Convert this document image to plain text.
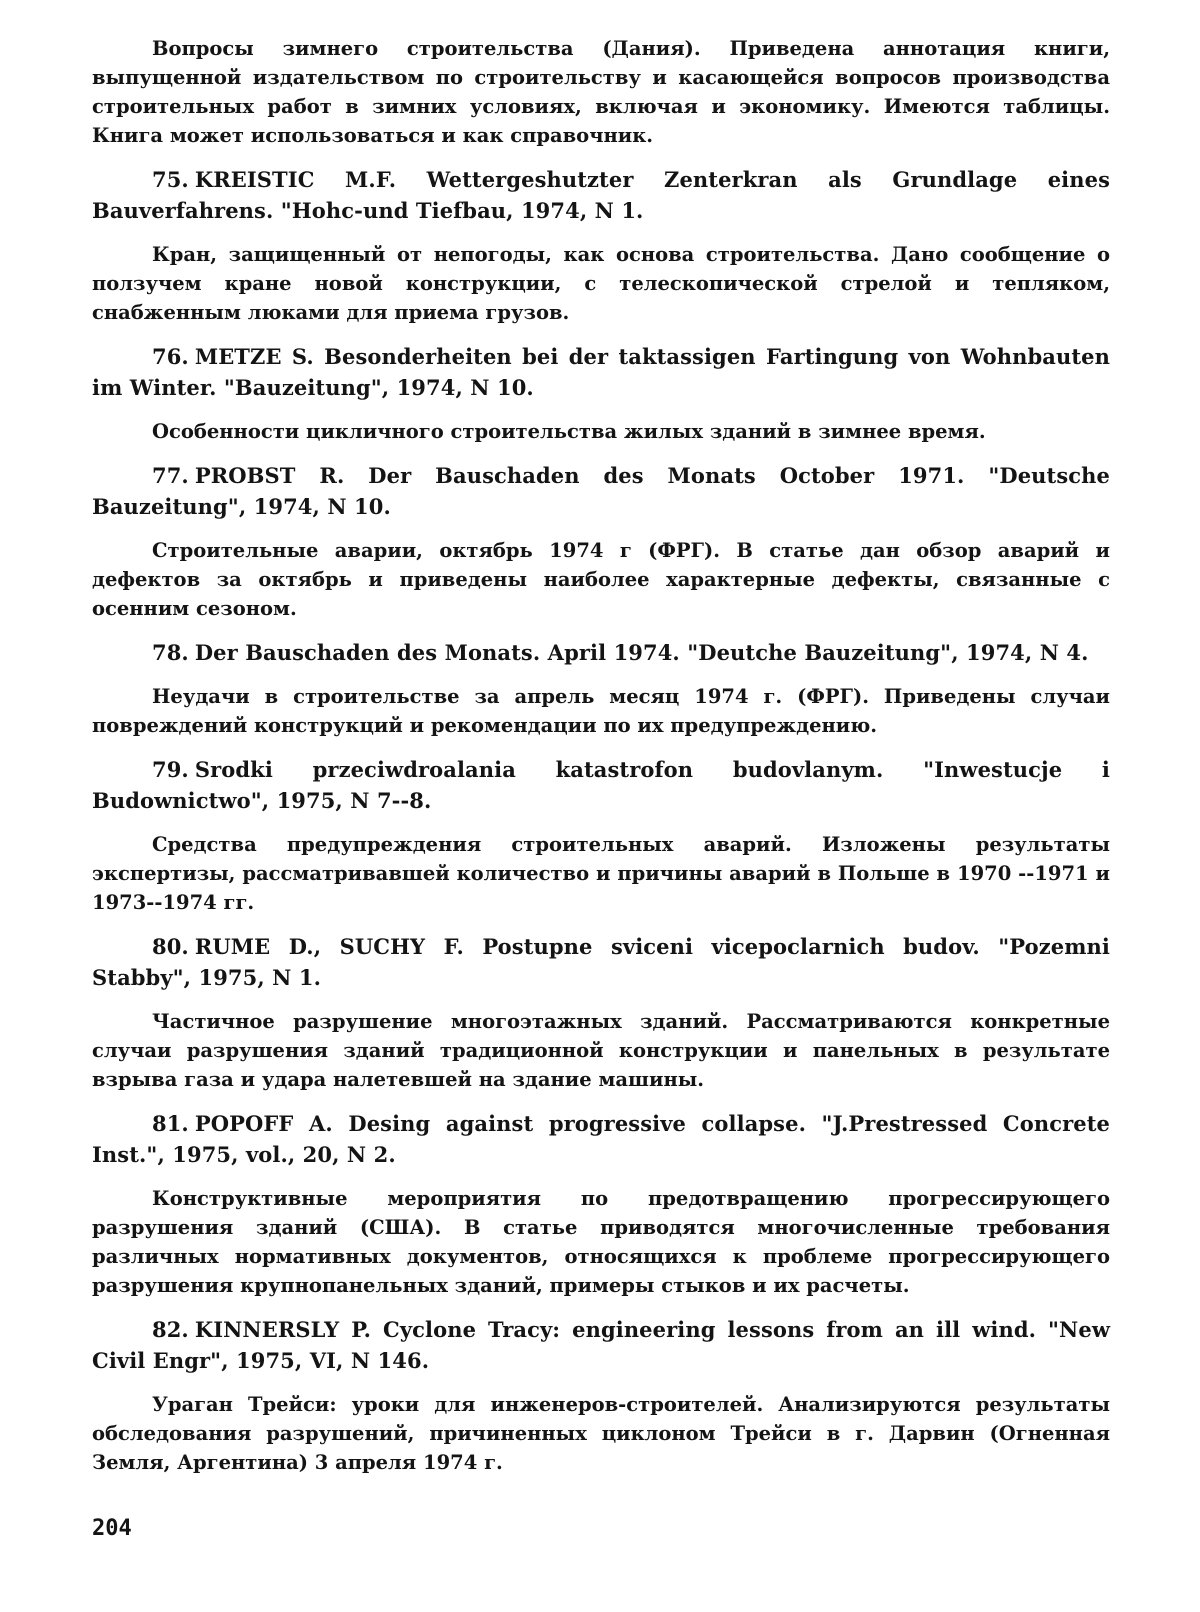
Вопросы зимнего строительства (Дания). Приведена аннотация книги, выпущенной издательством по строительству и касающейся вопросов производства строительных работ в зимних условиях, включая и экономику. Имеются таблицы. Книга может использоваться и как справочник.

75. KREISTIC M.F. Wettergeshutzter Zenterkran als Grundlage eines Bauverfahrens. "Hohc-und Tiefbau, 1974, N 1.

Кран, защищенный от непогоды, как основа строительства. Дано сообщение о ползучем кране новой конструкции, с телескопической стрелой и тепляком, снабженным люками для приема грузов.

76. METZE S. Besonderheiten bei der taktassigen Fartingung von Wohnbauten im Winter. "Bauzeitung", 1974, N 10.

Особенности цикличного строительства жилых зданий в зимнее время.

77. PROBST R. Der Bauschaden des Monats October 1971. "Deutsche Bauzeitung", 1974, N 10.

Строительные аварии, октябрь 1974 г (ФРГ). В статье дан обзор аварий и дефектов за октябрь и приведены наиболее характерные дефекты, связанные с осенним сезоном.

78. Der Bauschaden des Monats. April 1974. "Deutche Bauzeitung", 1974, N 4.

Неудачи в строительстве за апрель месяц 1974 г. (ФРГ). Приведены случаи повреждений конструкций и рекомендации по их предупреждению.

79. Srodki przeciwdroalania katastrofon budovlanym. "Inwestucje i Budownictwo", 1975, N 7--8.

Средства предупреждения строительных аварий. Изложены результаты экспертизы, рассматривавшей количество и причины аварий в Польше в 1970 --1971 и 1973--1974 гг.

80. RUME D., SUCHY F. Postupne sviceni vicepoclarnich budov. "Pozemni Stabby", 1975, N 1.

Частичное разрушение многоэтажных зданий. Рассматриваются конкретные случаи разрушения зданий традиционной конструкции и панельных в результате взрыва газа и удара налетевшей на здание машины.

81. POPOFF A. Desing against progressive collapse. "J.Prestressed Concrete Inst.", 1975, vol., 20, N 2.

Конструктивные мероприятия по предотвращению прогрессирующего разрушения зданий (США). В статье приводятся многочисленные требования различных нормативных документов, относящихся к проблеме прогрессирующего разрушения крупнопанельных зданий, примеры стыков и их расчеты.

82. KINNERSLY P. Cyclone Tracy: engineering lessons from an ill wind. "New Civil Engr", 1975, VI, N 146.

Ураган Трейси: уроки для инженеров-строителей. Анализируются результаты обследования разрушений, причиненных циклоном Трейси в г. Дарвин (Огненная Земля, Аргентина) 3 апреля 1974 г.

204
